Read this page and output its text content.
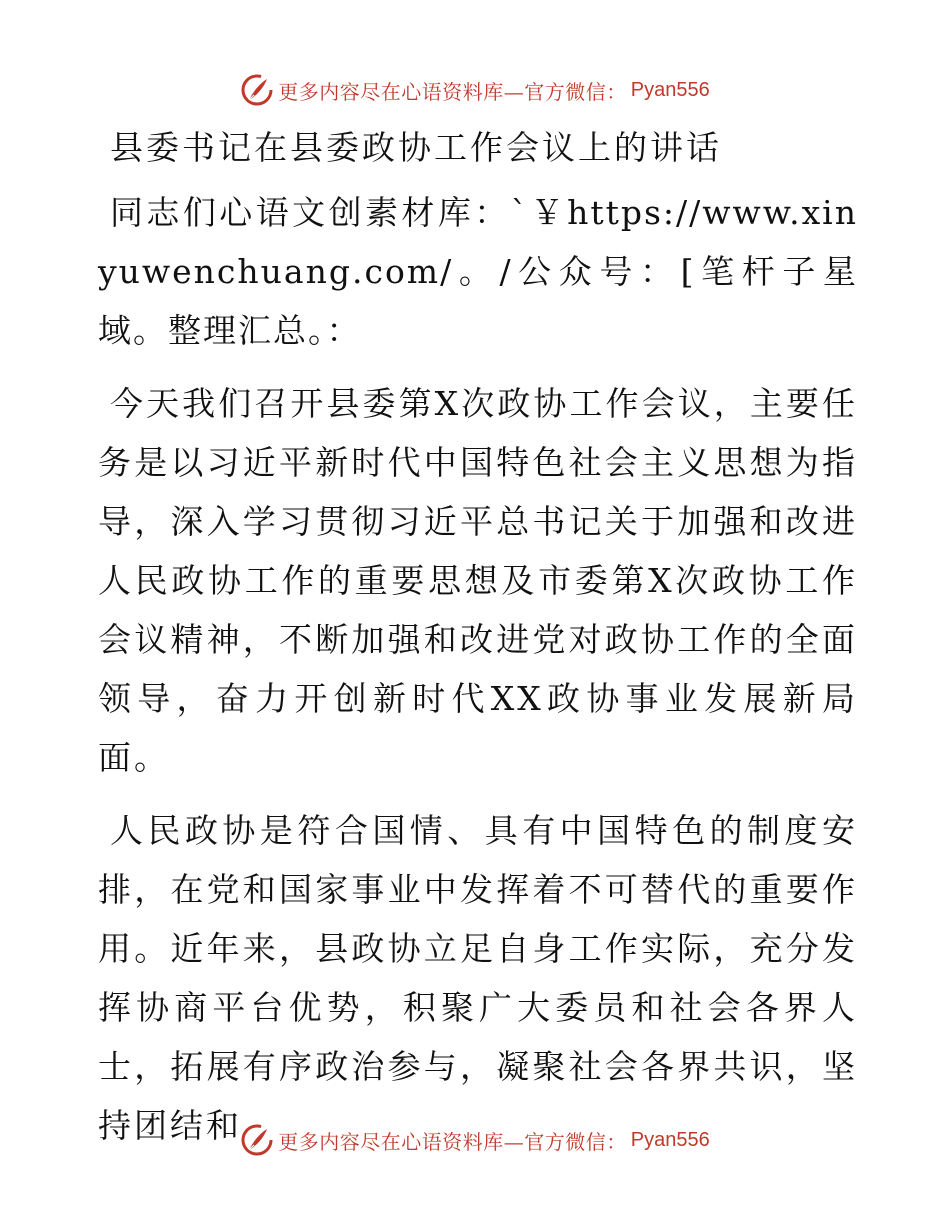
更多内容尽在心语资料库—官方微信： Pyan556

县委书记在县委政协工作会议上的讲话

同志们心语文创素材库：`￥https://www.xinyuwenchuang.com/。/公众号：[笔杆子星域。整理汇总。：

今天我们召开县委第X次政协工作会议，主要任务是以习近平新时代中国特色社会主义思想为指导，深入学习贯彻习近平总书记关于加强和改进人民政协工作的重要思想及市委第X次政协工作会议精神，不断加强和改进党对政协工作的全面领导，奋力开创新时代XX政协事业发展新局面。

人民政协是符合国情、具有中国特色的制度安排，在党和国家事业中发挥着不可替代的重要作用。近年来，县政协立足自身工作实际，充分发挥协商平台优势，积聚广大委员和社会各界人士，拓展有序政治参与，凝聚社会各界共识，坚持团结和	更多内容尽在心语资料库—官方微信： Pyan556
